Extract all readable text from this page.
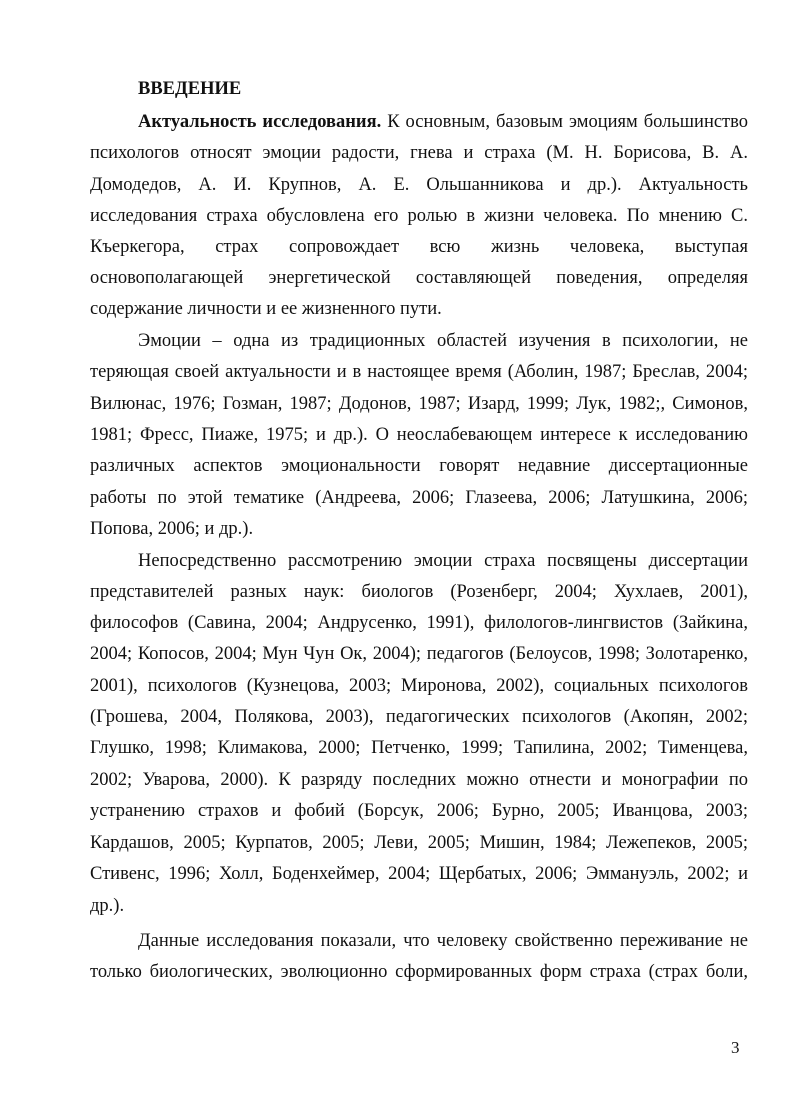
ВВЕДЕНИЕ
Актуальность исследования. К основным, базовым эмоциям большинство
психологов относят эмоции радости, гнева и страха (М. Н. Борисова, В. А.
Домодедов, А. И. Крупнов, А. Е. Ольшанникова и др.). Актуальность
исследования страха обусловлена его ролью в жизни человека. По мнению С.
Къеркегора, страх сопровождает всю жизнь человека, выступая
основополагающей энергетической составляющей поведения, определяя
содержание личности и ее жизненного пути.
Эмоции – одна из традиционных областей изучения в психологии, не
теряющая своей актуальности и в настоящее время (Аболин, 1987; Бреслав, 2004;
Вилюнас, 1976; Гозман, 1987; Додонов, 1987; Изард, 1999; Лук, 1982;, Симонов,
1981; Фресс, Пиаже, 1975; и др.). О неослабевающем интересе к исследованию
различных аспектов эмоциональности говорят недавние диссертационные
работы по этой тематике (Андреева, 2006; Глазеева, 2006; Латушкина, 2006;
Попова, 2006; и др.).
Непосредственно рассмотрению эмоции страха посвящены диссертации
представителей разных наук: биологов (Розенберг, 2004; Хухлаев, 2001),
философов (Савина, 2004; Андрусенко, 1991), филологов-лингвистов (Зайкина,
2004; Копосов, 2004; Мун Чун Ок, 2004); педагогов (Белоусов, 1998; Золотаренко,
2001), психологов (Кузнецова, 2003; Миронова, 2002), социальных психологов
(Грошева, 2004, Полякова, 2003), педагогических психологов (Акопян, 2002;
Глушко, 1998; Климакова, 2000; Петченко, 1999; Тапилина, 2002; Тименцева,
2002; Уварова, 2000). К разряду последних можно отнести и монографии по
устранению страхов и фобий (Борсук, 2006; Бурно, 2005; Иванцова, 2003;
Кардашов, 2005; Курпатов, 2005; Леви, 2005; Мишин, 1984; Лежепеков, 2005;
Стивенс, 1996; Холл, Боденхеймер, 2004; Щербатых, 2006; Эммануэль, 2002; и
др.).
Данные исследования показали, что человеку свойственно переживание не
только биологических, эволюционно сформированных форм страха (страх боли,
3
